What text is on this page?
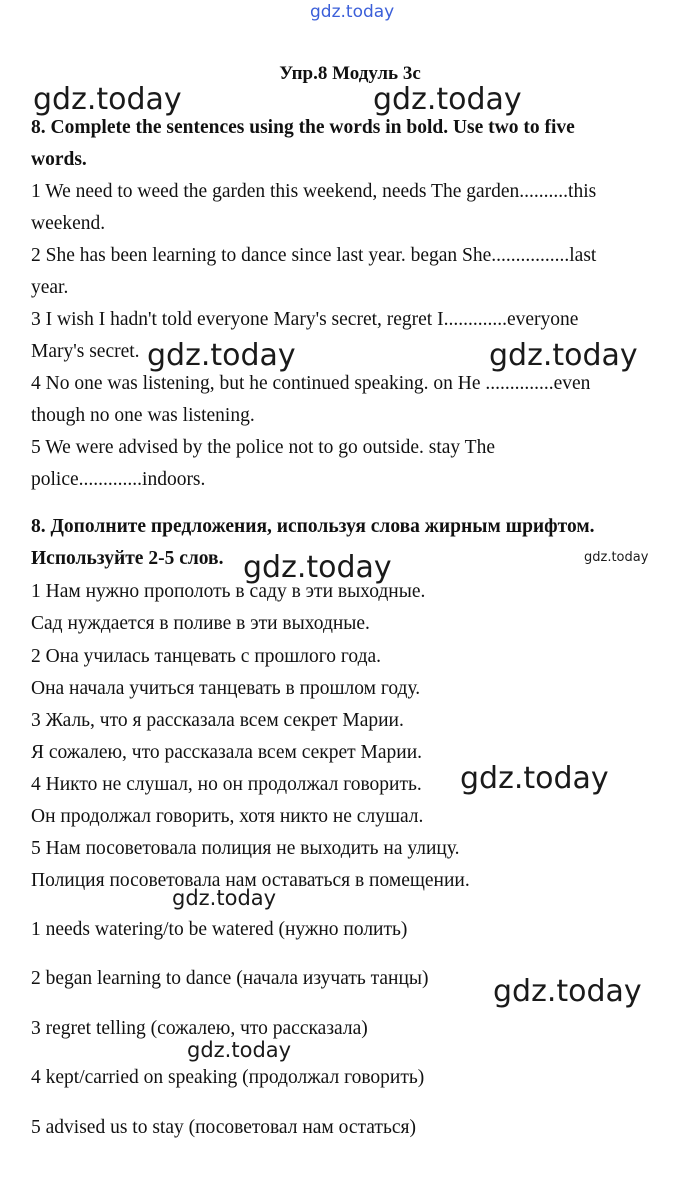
gdz.today
gdz.today	gdz.today
gdz.today	gdz.today
gdz.today
gdz.today
gdz.today
gdz.today
gdz.today
gdz.today
Упр.8 Модуль 3с
8. Complete the sentences using the words in bold. Use two to five
words.
1 We need to weed the garden this weekend, needs The garden..........this
weekend.
2 She has been learning to dance since last year. began She................last
year.
3 I wish I hadn't told everyone Mary's secret, regret I.............everyone
Mary's secret.
4 No one was listening, but he continued speaking. on He ..............even
though no one was listening.
5 We were advised by the police not to go outside. stay The
police.............indoors.
8. Дополните предложения, используя слова жирным шрифтом.
Используйте 2-5 слов.
1 Нам нужно прополоть в саду в эти выходные.
Сад нуждается в поливе в эти выходные.
2 Она училась танцевать с прошлого года.
Она начала учиться танцевать в прошлом году.
3 Жаль, что я рассказала всем секрет Марии.
Я сожалею, что рассказала всем секрет Марии.
4 Никто не слушал, но он продолжал говорить.
Он продолжал говорить, хотя никто не слушал.
5 Нам посоветовала полиция не выходить на улицу.
Полиция посоветовала нам оставаться в помещении.
1 needs watering/to be watered (нужно полить)
2 began learning to dance (начала изучать танцы)
3 regret telling (сожалею, что рассказала)
4 kept/carried on speaking (продолжал говорить)
5 advised us to stay (посоветовал нам остаться)
